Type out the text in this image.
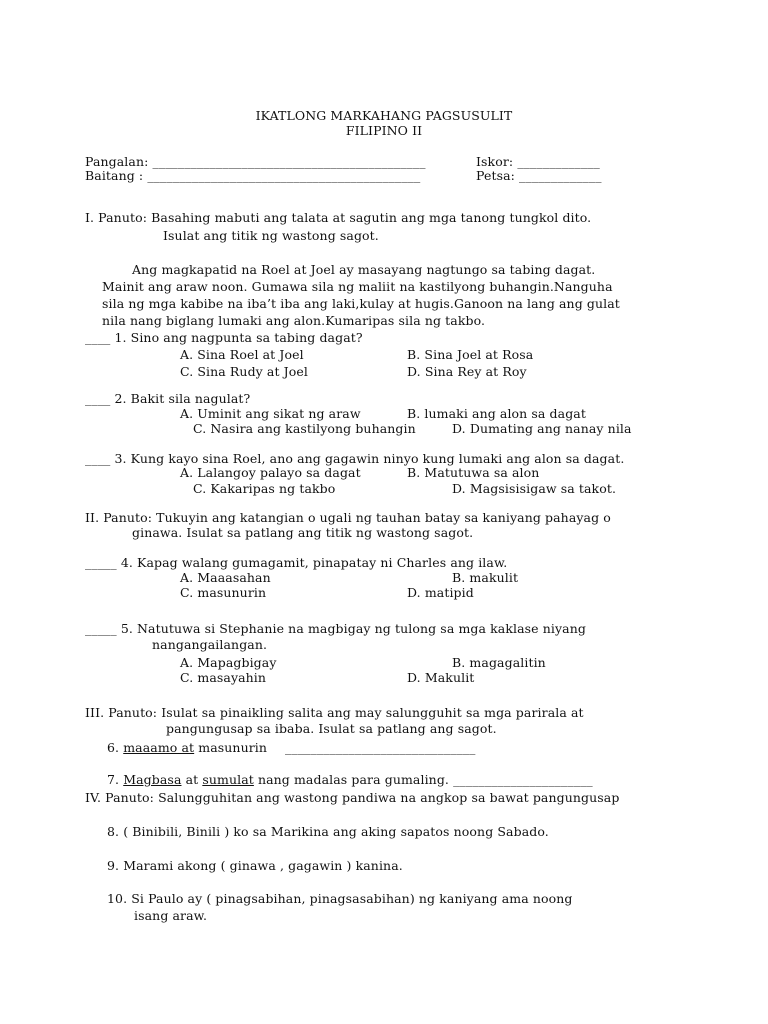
IKATLONG MARKAHANG PAGSUSULIT
FILIPINO II
Pangalan: ___________________________________________
Baitang : ___________________________________________
Iskor: _____________
Petsa: _____________
I. Panuto: Basahing mabuti ang talata at sagutin ang mga tanong tungkol dito.
Isulat ang titik ng wastong sagot.
Ang magkapatid na Roel at Joel ay masayang nagtungo sa tabing dagat.
Mainit ang araw noon. Gumawa sila ng maliit na kastilyong buhangin.Nanguha
sila ng mga kabibe na iba’t iba ang laki,kulay at hugis.Ganoon na lang ang gulat
nila nang biglang lumaki ang alon.Kumaripas sila ng takbo.
____ 1. Sino ang nagpunta sa tabing dagat?
A. Sina Roel at Joel	B. Sina Joel at Rosa
C. Sina Rudy at Joel	D. Sina Rey at Roy
____ 2. Bakit sila nagulat?
A. Uminit ang sikat ng araw	B. lumaki ang alon sa dagat
C. Nasira ang kastilyong buhangin	D. Dumating ang nanay nila
____ 3. Kung kayo sina Roel, ano ang gagawin ninyo kung lumaki ang alon sa dagat.
A. Lalangoy palayo sa dagat	B. Matutuwa sa alon
C. Kakaripas ng takbo	D. Magsisisigaw sa takot.
II. Panuto: Tukuyin ang katangian o ugali ng tauhan batay sa kaniyang pahayag o
ginawa. Isulat sa patlang ang titik ng wastong sagot.
_____ 4. Kapag walang gumagamit, pinapatay ni Charles ang ilaw.
A. Maaasahan	B. makulit
C. masunurin	D. matipid
_____ 5. Natutuwa si Stephanie na magbigay ng tulong sa mga kaklase niyang
nangangailangan.
A. Mapagbigay	B. magagalitin
C. masayahin	D. Makulit
III. Panuto: Isulat sa pinaikling salita ang may salungguhit sa mga parirala at
pangungusap sa ibaba. Isulat sa patlang ang sagot.
6. maaamo at masunurin ______________________________
7. Magbasa at sumulat nang madalas para gumaling. ______________________
IV. Panuto: Salungguhitan ang wastong pandiwa na angkop sa bawat pangungusap
8. ( Binibili, Binili ) ko sa Marikina ang aking sapatos noong Sabado.
9. Marami akong ( ginawa , gagawin ) kanina.
10. Si Paulo ay ( pinagsabihan, pinagsasabihan) ng kaniyang ama noong
isang araw.
